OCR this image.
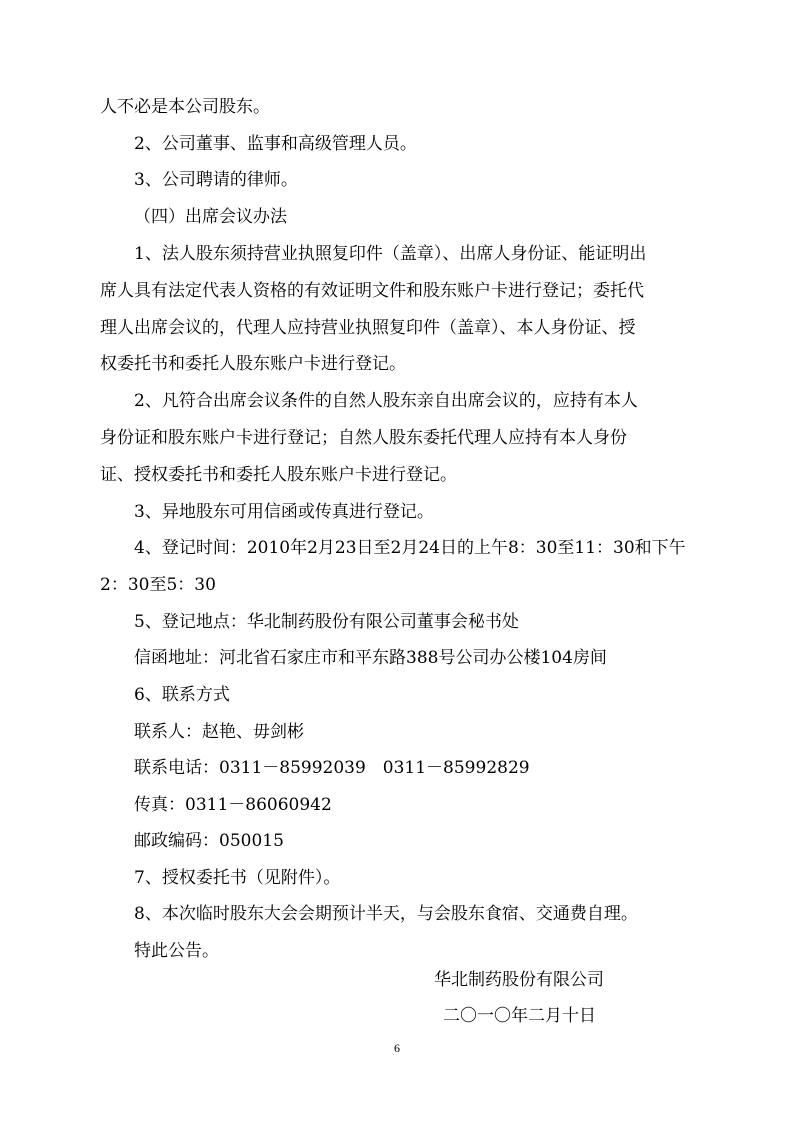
人不必是本公司股东。
2、公司董事、监事和高级管理人员。
3、公司聘请的律师。
（四）出席会议办法
1、法人股东须持营业执照复印件（盖章）、出席人身份证、能证明出
席人具有法定代表人资格的有效证明文件和股东账户卡进行登记；委托代
理人出席会议的，代理人应持营业执照复印件（盖章）、本人身份证、授
权委托书和委托人股东账户卡进行登记。
2、凡符合出席会议条件的自然人股东亲自出席会议的，应持有本人
身份证和股东账户卡进行登记；自然人股东委托代理人应持有本人身份
证、授权委托书和委托人股东账户卡进行登记。
3、异地股东可用信函或传真进行登记。
4、登记时间：2010年2月23日至2月24日的上午8：30至11：30和下午
2：30至5：30
5、登记地点：华北制药股份有限公司董事会秘书处
信函地址：河北省石家庄市和平东路388号公司办公楼104房间
6、联系方式
联系人：赵艳、毋剑彬
联系电话：0311－85992039　0311－85992829
传真：0311－86060942
邮政编码：050015
7、授权委托书（见附件）。
8、本次临时股东大会会期预计半天，与会股东食宿、交通费自理。
特此公告。
华北制药股份有限公司
二〇一〇年二月十日
6
